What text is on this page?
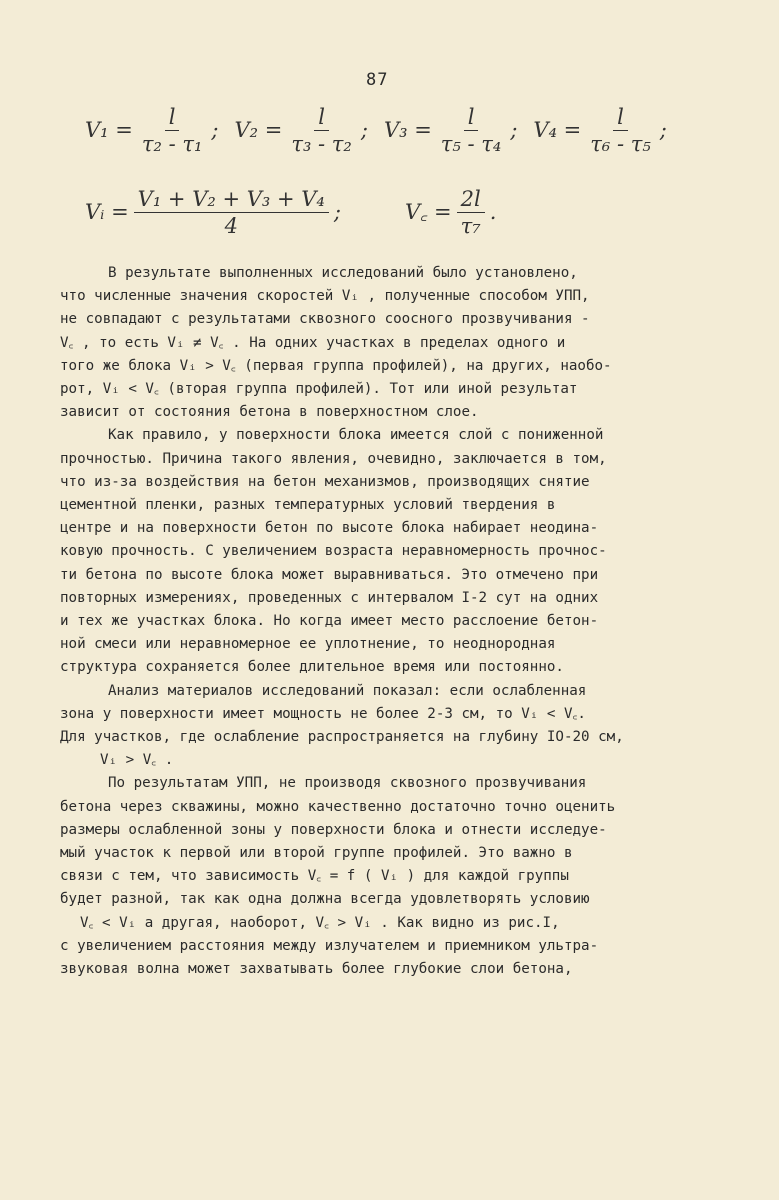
87
$V_1 = \frac{l}{\text{τ₂ - τ₁}}$ ; $V_2 = \frac{l}{\text{τ₃ - τ₂}}$ ; $V_3 = \frac{l}{\text{τ₅ - τ₄}}$ ; $V_4 = \frac{l}{\text{τ₆ - τ₅}}$ ;
Vᵢ = $\frac{\text{V₁ + V₂ + V₃ + V₄}}{4}$ ;	V꜀ = $\frac{2l}{\text{τ₇}}$ .

В результате выполненных исследований было установлено,
что численные значения скоростей Vᵢ , полученные способом УПП,
не совпадают с результатами сквозного соосного прозвучивания -
V꜀ , то есть Vᵢ ≠ V꜀ . На одних участках в пределах одного и
того же блока Vᵢ > V꜀ (первая группа профилей), на других, наобо-
рот, Vᵢ < V꜀ (вторая группа профилей). Тот или иной результат
зависит от состояния бетона в поверхностном слое.

Как правило, у поверхности блока имеется слой с пониженной
прочностью. Причина такого явления, очевидно, заключается в том,
что из-за воздействия на бетон механизмов, производящих снятие
цементной пленки, разных температурных условий твердения в
центре и на поверхности бетон по высоте блока набирает неодина-
ковую прочность. С увеличением возраста неравномерность прочнос-
ти бетона по высоте блока может выравниваться. Это отмечено при
повторных измерениях, проведенных с интервалом I-2 сут на одних
и тех же участках блока. Но когда имеет место расслоение бетон-
ной смеси или неравномерное ее уплотнение, то неоднородная
структура сохраняется более длительное время или постоянно.

Анализ материалов исследований показал: если ослабленная
зона у поверхности имеет мощность не более 2-3 см, то Vᵢ < V꜀.
Для участков, где ослабление распространяется на глубину IO-20 см,
Vᵢ > V꜀ .

По результатам УПП, не производя сквозного прозвучивания
бетона через скважины, можно качественно достаточно точно оценить
размеры ослабленной зоны у поверхности блока и отнести исследуе-
мый участок к первой или второй группе профилей. Это важно в
связи с тем, что зависимость V꜀ = f ( Vᵢ ) для каждой группы
будет разной, так как одна должна всегда удовлетворять условию
V꜀ < Vᵢ а другая, наоборот, V꜀ > Vᵢ . Как видно из рис.I,
с увеличением расстояния между излучателем и приемником ультра-
звуковая волна может захватывать более глубокие слои бетона,
